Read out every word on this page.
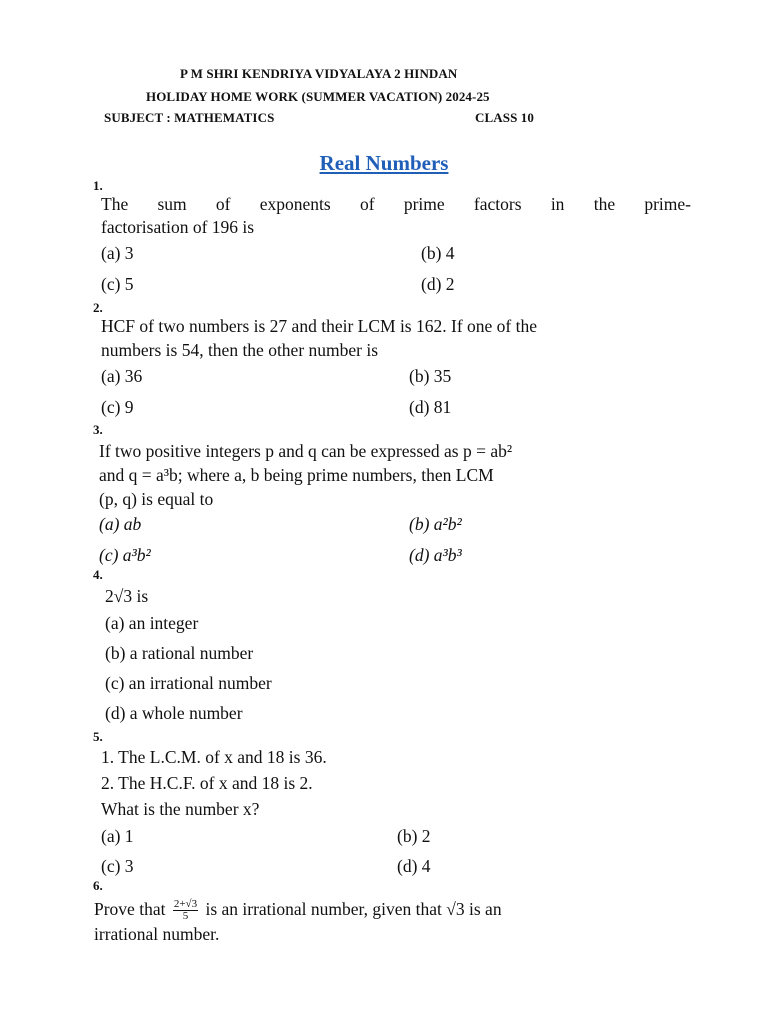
P M SHRI KENDRIYA VIDYALAYA 2 HINDAN
HOLIDAY HOME WORK (SUMMER VACATION) 2024-25
SUBJECT : MATHEMATICS	CLASS 10
Real Numbers
1.
The sum of exponents of prime factors in the prime-
factorisation of 196 is
(a) 3	(b) 4
(c) 5	(d) 2
2.
HCF of two numbers is 27 and their LCM is 162. If one of the
numbers is 54, then the other number is
(a) 36	(b) 35
(c) 9	(d) 81
3.
If two positive integers p and q can be expressed as p = ab²
and q = a³b; where a, b being prime numbers, then LCM
(p, q) is equal to
(a) ab	(b) a²b²
(c) a³b²	(d) a³b³
4.
2√3 is
(a) an integer
(b) a rational number
(c) an irrational number
(d) a whole number
5.
1. The L.C.M. of x and 18 is 36.
2. The H.C.F. of x and 18 is 2.
What is the number x?
(a) 1	(b) 2
(c) 3	(d) 4
6.
Prove that $\frac{2+√3}{5}$ is an irrational number, given that √3 is an
irrational number.
